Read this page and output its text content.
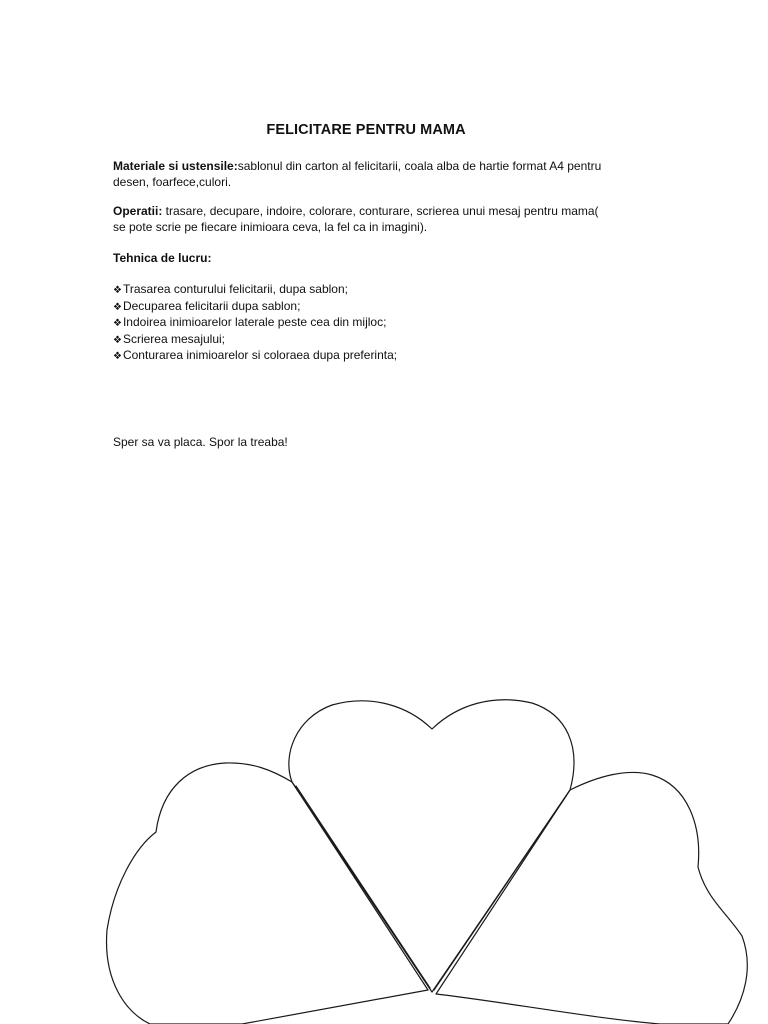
FELICITARE PENTRU MAMA
Materiale si ustensile:sablonul din carton al felicitarii, coala alba de hartie format A4 pentru desen, foarfece,culori.
Operatii: trasare, decupare, indoire, colorare, conturare, scrierea unui mesaj pentru mama( se pote scrie pe fiecare inimioara ceva, la fel ca in imagini).
Tehnica de lucru:
❖Trasarea conturului felicitarii, dupa sablon;
❖Decuparea felicitarii dupa sablon;
❖Indoirea inimioarelor laterale peste cea din mijloc;
❖Scrierea mesajului;
❖Conturarea inimioarelor si coloraea dupa preferinta;
Sper sa va placa. Spor la treaba!
